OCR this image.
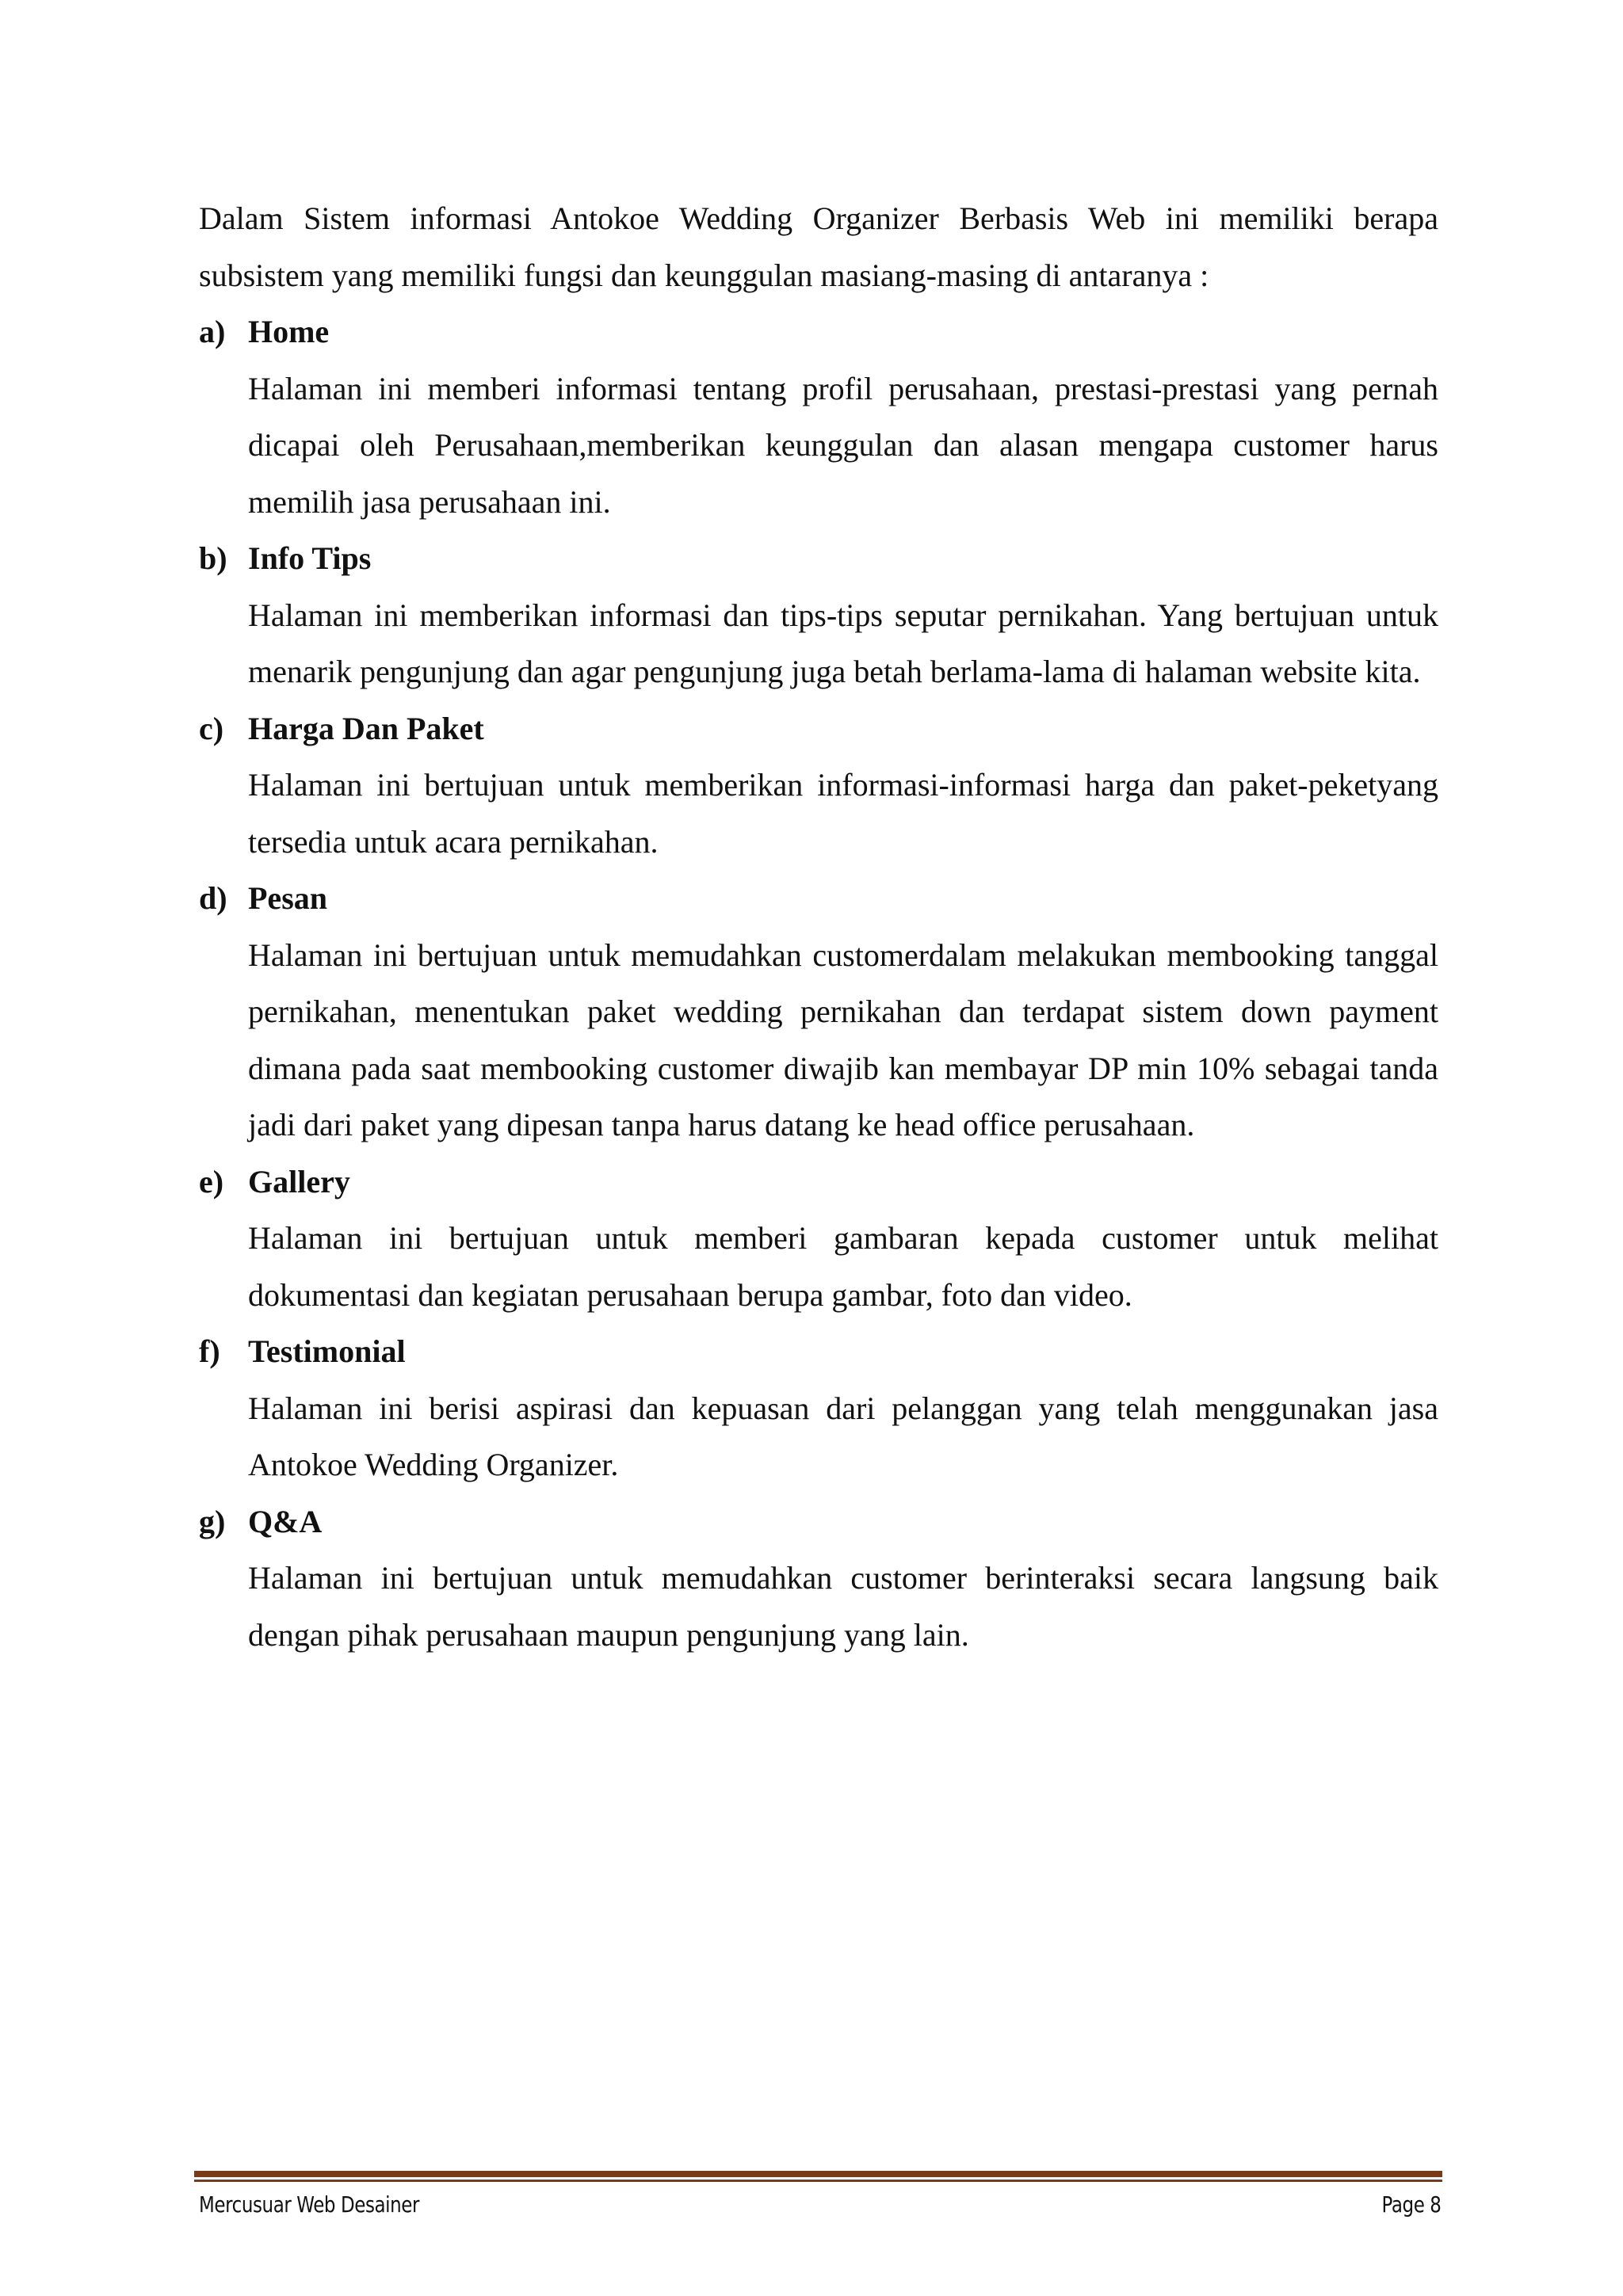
Dalam Sistem informasi Antokoe Wedding Organizer Berbasis Web ini memiliki berapa subsistem yang memiliki fungsi dan keunggulan masiang-masing di antaranya :

a) Home

Halaman ini memberi informasi tentang profil perusahaan, prestasi-prestasi yang pernah dicapai oleh Perusahaan,memberikan keunggulan dan alasan mengapa customer harus memilih jasa perusahaan ini.

b) Info Tips

Halaman ini memberikan informasi dan tips-tips seputar pernikahan. Yang bertujuan untuk menarik pengunjung dan agar pengunjung juga betah berlama-lama di halaman website kita.

c) Harga Dan Paket

Halaman ini bertujuan untuk memberikan informasi-informasi harga dan paket-peketyang tersedia untuk acara pernikahan.

d) Pesan

Halaman ini bertujuan untuk memudahkan customerdalam melakukan membooking tanggal pernikahan, menentukan paket wedding pernikahan dan terdapat sistem down payment dimana pada saat membooking customer diwajib kan membayar DP min 10% sebagai tanda jadi dari paket yang dipesan tanpa harus datang ke head office perusahaan.

e) Gallery

Halaman ini bertujuan untuk memberi gambaran kepada customer untuk melihat dokumentasi dan kegiatan perusahaan berupa gambar, foto dan video.

f) Testimonial

Halaman ini berisi aspirasi dan kepuasan dari pelanggan yang telah menggunakan jasa Antokoe Wedding Organizer.

g) Q&A

Halaman ini bertujuan untuk memudahkan customer berinteraksi secara langsung baik dengan pihak perusahaan maupun pengunjung yang lain.

Mercusuar Web Desainer	Page 8
